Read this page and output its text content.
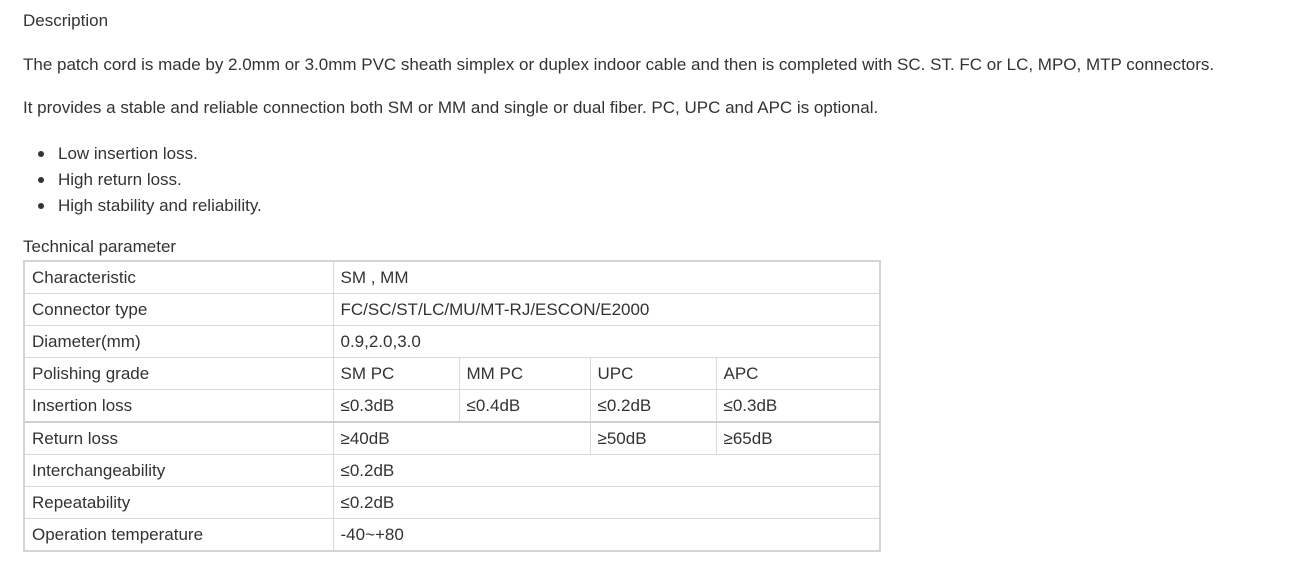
Description
The patch cord is made by 2.0mm or 3.0mm PVC sheath simplex or duplex indoor cable and then is completed with SC. ST. FC or LC, MPO, MTP connectors.
It provides a stable and reliable connection both SM or MM and single or dual fiber. PC, UPC and APC is optional.
Low insertion loss.
High return loss.
High stability and reliability.
Technical parameter
Characteristic	SM , MM			
Connector type	FC/SC/ST/LC/MU/MT-RJ/ESCON/E2000			
Diameter(mm)	0.9,2.0,3.0			
Polishing grade	SM PC	MM PC	UPC	APC
Insertion loss	≤0.3dB	≤0.4dB	≤0.2dB	≤0.3dB
Return loss	≥40dB		≥50dB	≥65dB
Interchangeability	≤0.2dB			
Repeatability	≤0.2dB			
Operation temperature	-40~+80			
